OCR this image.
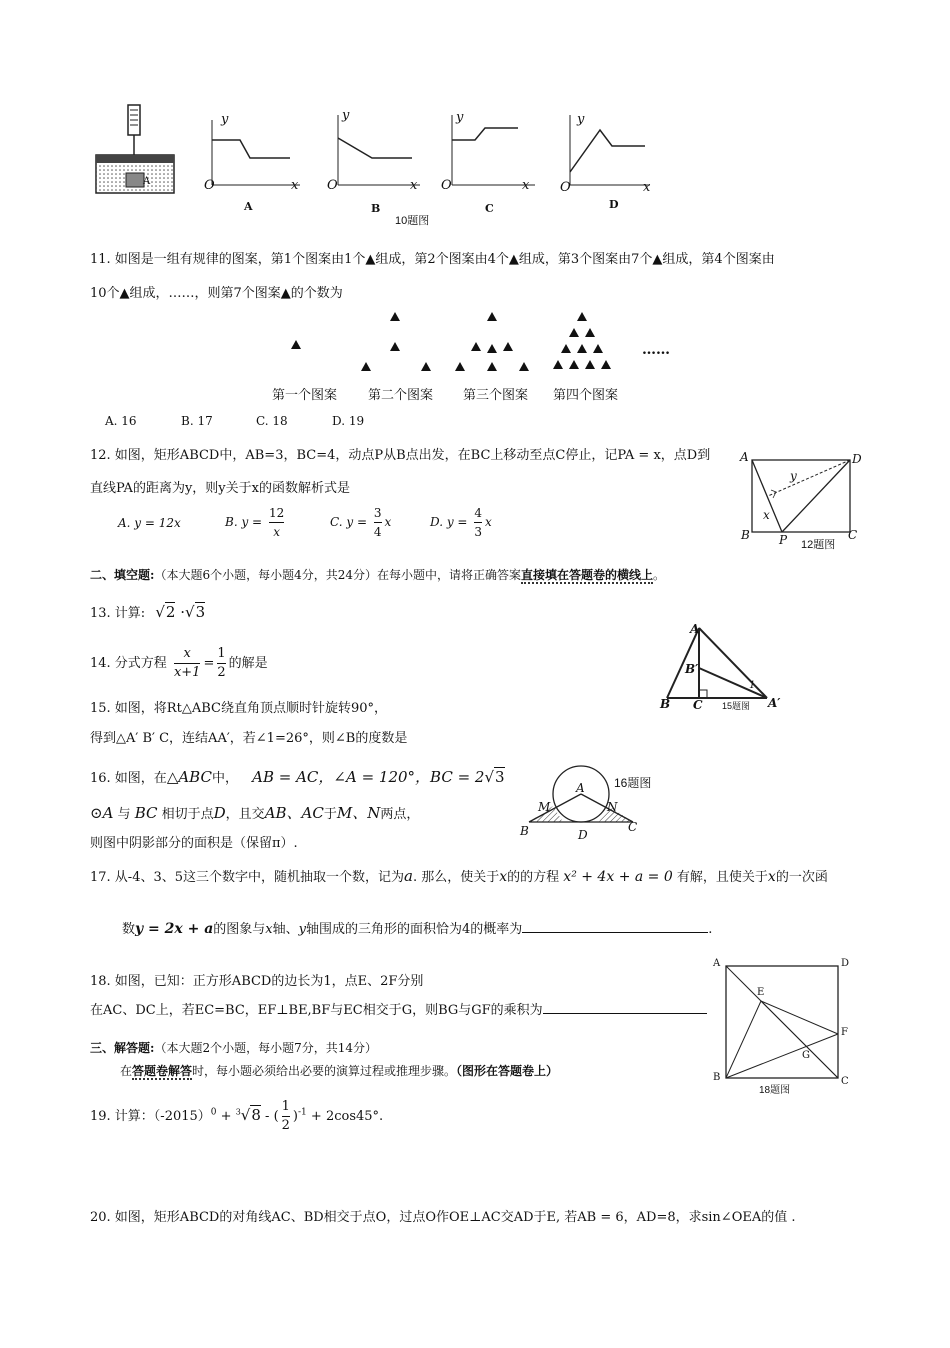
A
y
x
O
y
x
O
y
x
O
y
x
O
A	B	C	D
10题图
11. 如图是一组有规律的图案，第1个图案由1个▲组成，第2个图案由4个▲组成，第3个图案由7个▲组成，第4个图案由
10个▲组成，……，则第7个图案▲的个数为
……
第一个图案 第二个图案 第三个图案 第四个图案
A. 16	B. 17	C. 18	D. 19
12. 如图，矩形ABCD中，AB=3，BC=4，动点P从B点出发，在BC上移动至点C停止，记PA = x，点D到
直线PA的距离为y，则y关于x的函数解析式是
A. y = 12x	B. $y = \frac{12}{x}$	C. $y = \frac{3}{4}$ x	D. $y = \frac{4}{3}$ x
A	D
B	C
P
x
y
12题图
二、填空题:（本大题6个小题，每小题4分，共24分）在每小题中，请将正确答案直接填在答题卷的横线上。
13. 计算: √2 ·√3
14. 分式方程 $\frac{x}{x+1} = \frac{1}{2}$ 的解是
15. 如图，将Rt△ABC绕直角顶点顺时针旋转90°，
得到△A′ B′ C，连结AA′，若∠1=26°，则∠B的度数是
A
B′
B C	A′
1
15题图
16. 如图，在△ABC中， AB = AC，∠A = 120°，BC = 2√3
⊙A 与 BC 相切于点D，且交AB、AC于M、N两点，
则图中阴影部分的面积是（保留π）.
A
M	N
B	D
C
16题图
17. 从-4、3、5这三个数字中，随机抽取一个数，记为a. 那么，使关于x的的方程 x² + 4x + a = 0 有解，且使关于x的一次函
数y = 2x + a的图象与x轴、y轴围成的三角形的面积恰为4的概率为	.
18. 如图，已知：正方形ABCD的边长为1，点E、2F分别
在AC、DC上，若EC=BC，EF⊥BE,BF与EC相交于G，则BG与GF的乘积为
A	D
E
F
G
B	C
18题图
三、解答题:（本大题2个小题，每小题7分，共14分）
在答题卷解答时，每小题必须给出必要的演算过程或推理步骤。（图形在答题卷上）
19. 计算：$(-2015)^0 + ^3√8$ - ( $\frac{1}{2} )^{-1} + 2\cos 45^\circ$.
20. 如图，矩形ABCD的对角线AC、BD相交于点O，过点O作OE⊥AC交AD于E, 若AB = 6，AD=8，求sin∠OEA的值 .
